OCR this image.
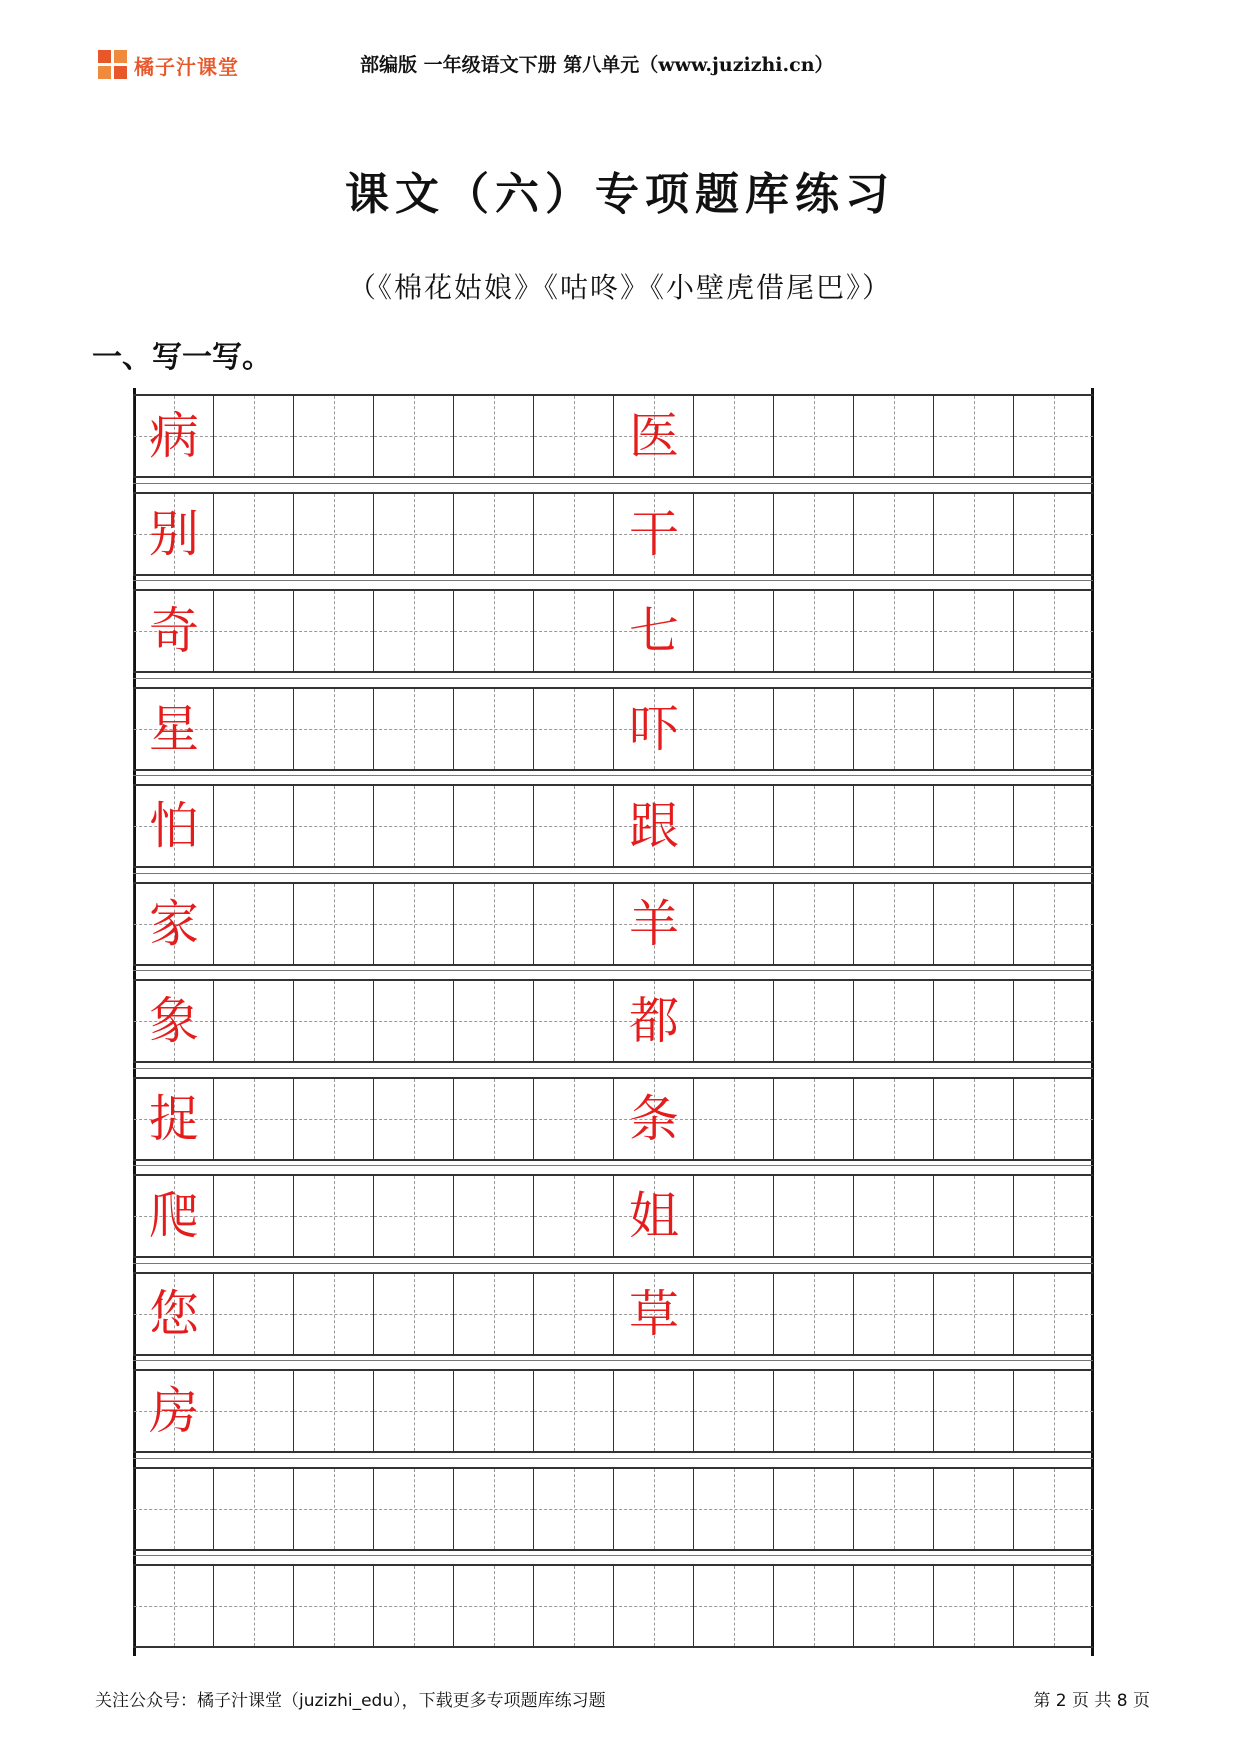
橘子汁课堂	部编版 一年级语文下册 第八单元（www.juzizhi.cn）
课文（六）专项题库练习
（《棉花姑娘》《咕咚》《小壁虎借尾巴》）
一、写一写。
病	医
别	干
奇	七
星	吓
怕	跟
家	羊
象	都
捉	条
爬	姐
您	草
房
关注公众号：橘子汁课堂（juzizhi_edu），下载更多专项题库练习题	第 2 页 共 8 页
